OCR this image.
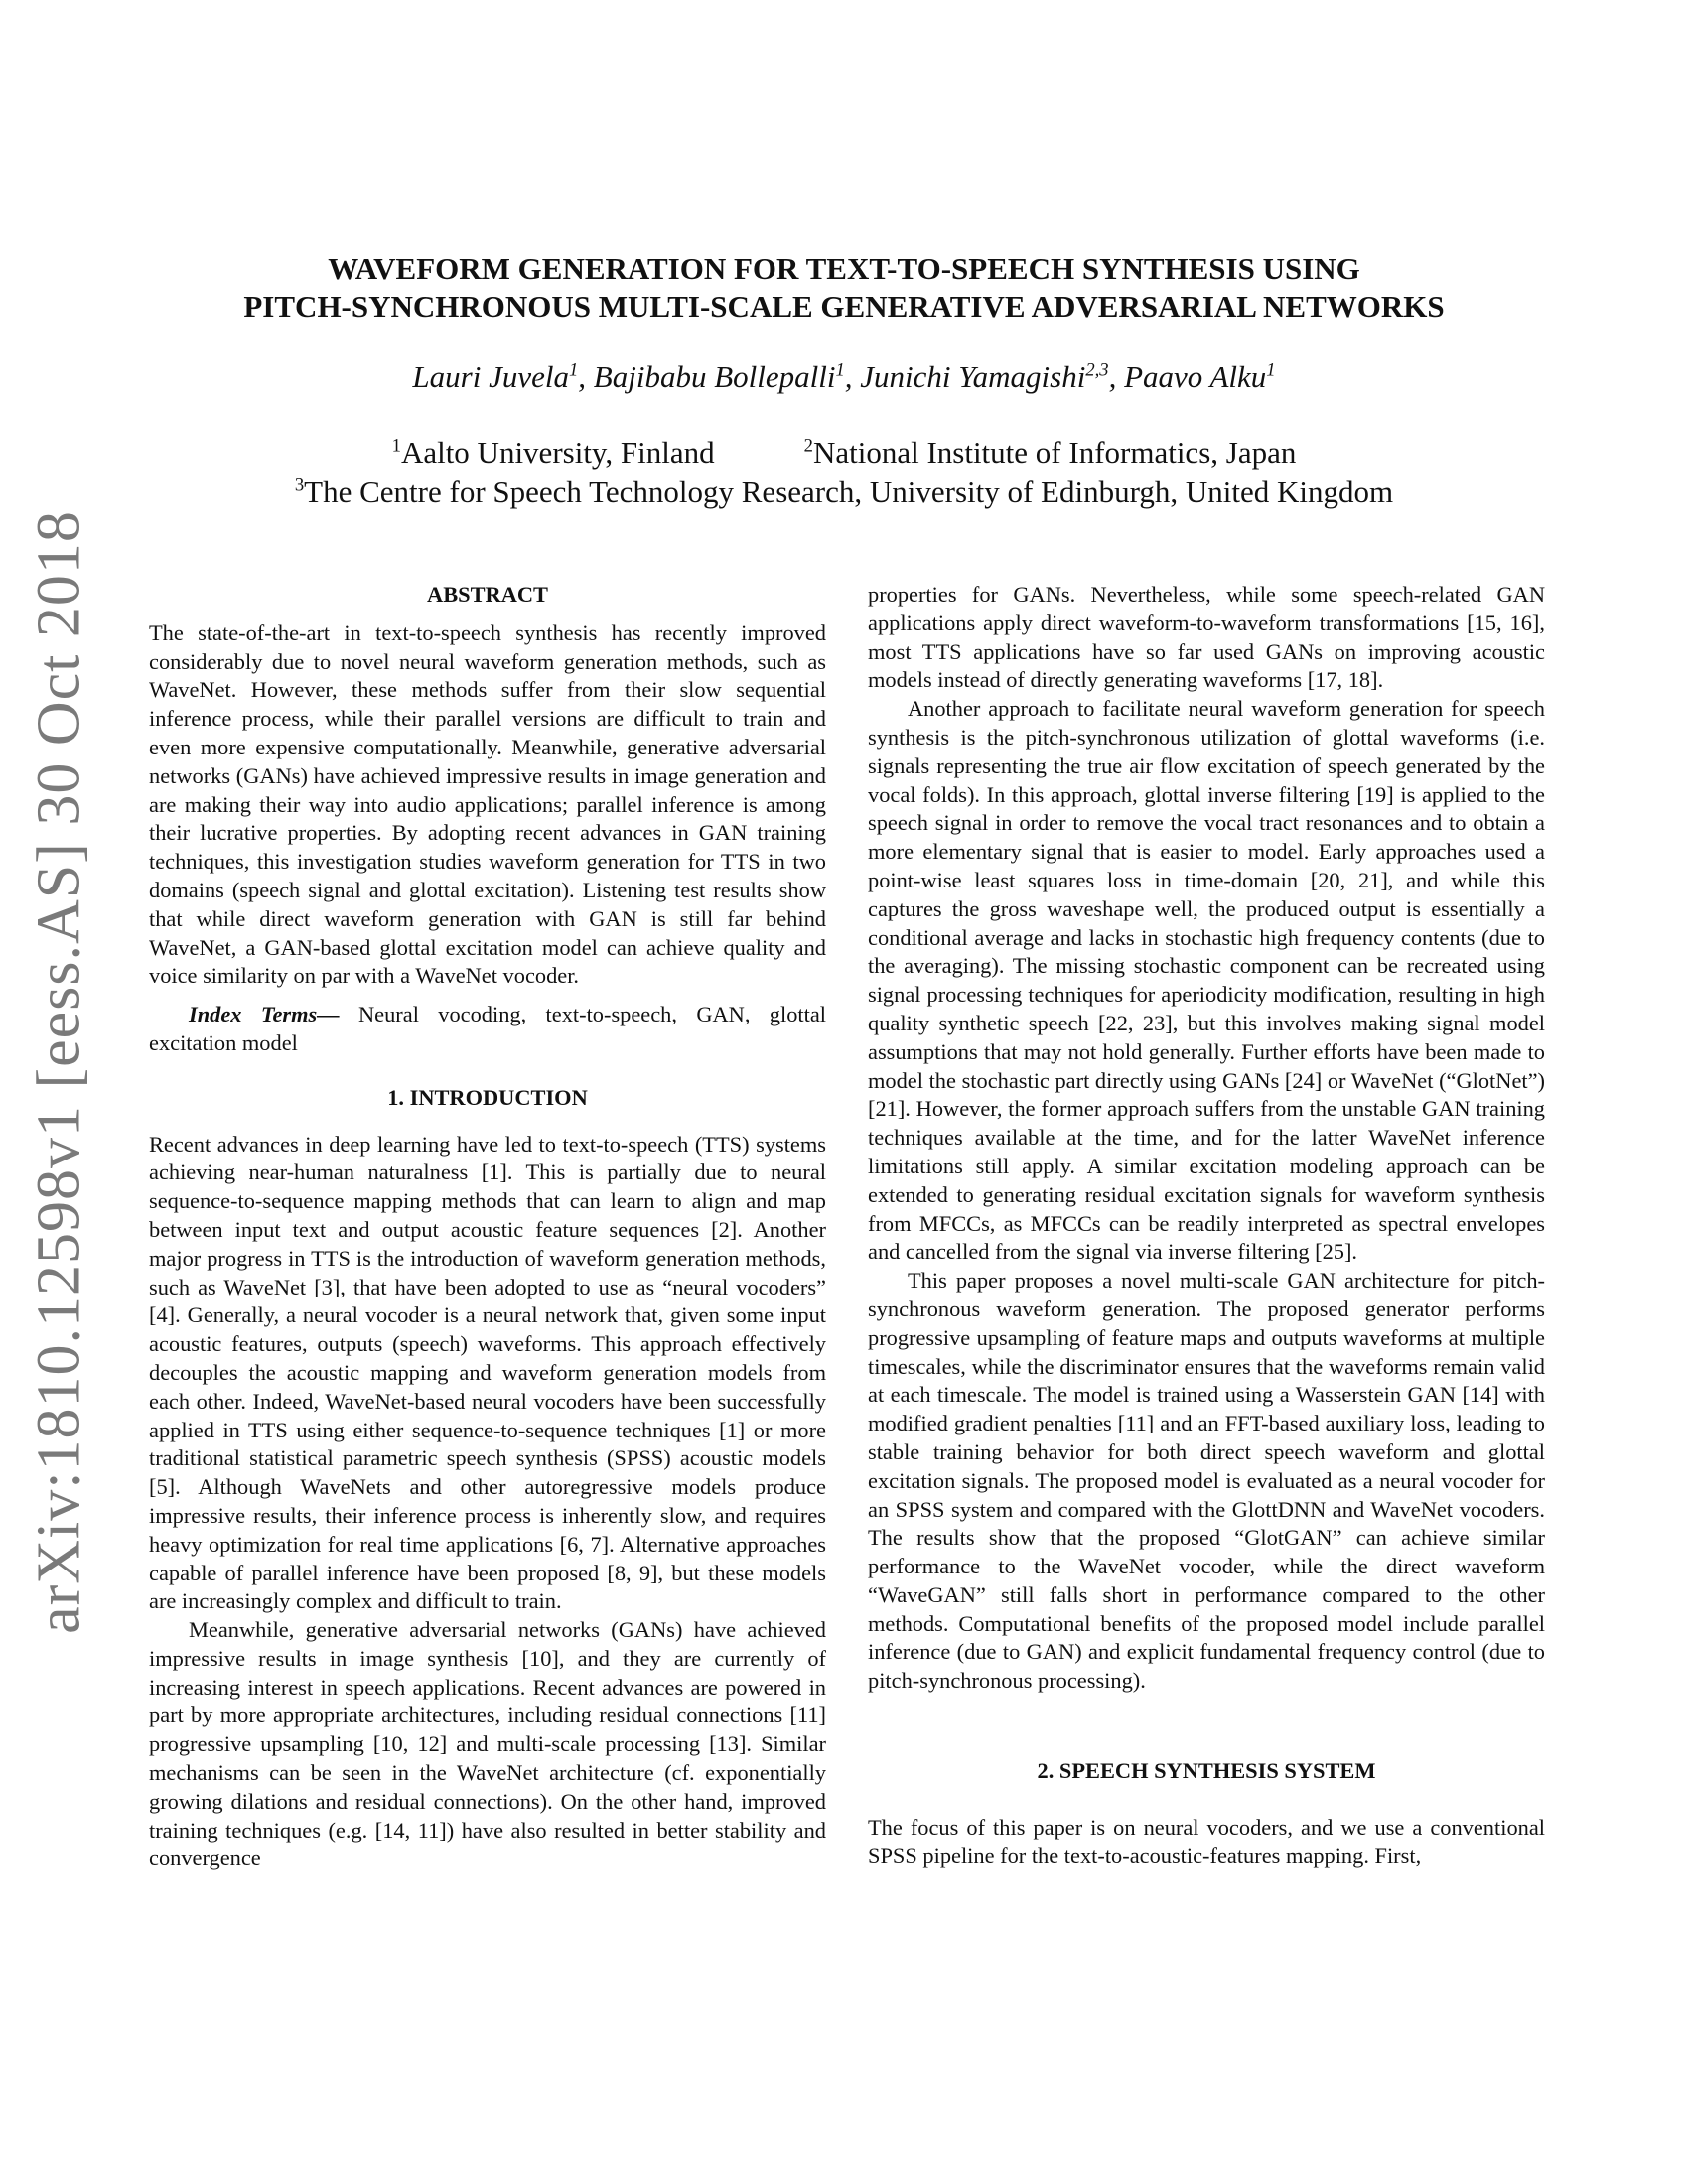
arXiv:1810.12598v1 [eess.AS] 30 Oct 2018
WAVEFORM GENERATION FOR TEXT-TO-SPEECH SYNTHESIS USING
PITCH-SYNCHRONOUS MULTI-SCALE GENERATIVE ADVERSARIAL NETWORKS

Lauri Juvela$^1$, Bajibabu Bollepalli$^1$, Junichi Yamagishi$^{2,3}$, Paavo Alku$^1$

$^1$Aalto University, Finland	$^2$National Institute of Informatics, Japan

$^3$The Centre for Speech Technology Research, University of Edinburgh, United Kingdom

ABSTRACT

The state-of-the-art in text-to-speech synthesis has recently improved considerably due to novel neural waveform generation methods, such as WaveNet. However, these methods suffer from their slow sequential inference process, while their parallel versions are difficult to train and even more expensive computationally. Meanwhile, generative adversarial networks (GANs) have achieved impressive results in image generation and are making their way into audio applications; parallel inference is among their lucrative properties. By adopting recent advances in GAN training techniques, this investigation studies waveform generation for TTS in two domains (speech signal and glottal excitation). Listening test results show that while direct waveform generation with GAN is still far behind WaveNet, a GAN-based glottal excitation model can achieve quality and voice similarity on par with a WaveNet vocoder.

Index Terms— Neural vocoding, text-to-speech, GAN, glottal excitation model

1. INTRODUCTION

Recent advances in deep learning have led to text-to-speech (TTS) systems achieving near-human naturalness [1]. This is partially due to neural sequence-to-sequence mapping methods that can learn to align and map between input text and output acoustic feature sequences [2]. Another major progress in TTS is the introduction of waveform generation methods, such as WaveNet [3], that have been adopted to use as “neural vocoders” [4]. Generally, a neural vocoder is a neural network that, given some input acoustic features, outputs (speech) waveforms. This approach effectively decouples the acoustic mapping and waveform generation models from each other. Indeed, WaveNet-based neural vocoders have been successfully applied in TTS using either sequence-to-sequence techniques [1] or more traditional statistical parametric speech synthesis (SPSS) acoustic models [5]. Although WaveNets and other autoregressive models produce impressive results, their inference process is inherently slow, and requires heavy optimization for real time applications [6, 7]. Alternative approaches capable of parallel inference have been proposed [8, 9], but these models are increasingly complex and difficult to train.

Meanwhile, generative adversarial networks (GANs) have achieved impressive results in image synthesis [10], and they are currently of increasing interest in speech applications. Recent advances are powered in part by more appropriate architectures, including residual connections [11] progressive upsampling [10, 12] and multi-scale processing [13]. Similar mechanisms can be seen in the WaveNet architecture (cf. exponentially growing dilations and residual connections). On the other hand, improved training techniques (e.g. [14, 11]) have also resulted in better stability and convergence

properties for GANs. Nevertheless, while some speech-related GAN applications apply direct waveform-to-waveform transformations [15, 16], most TTS applications have so far used GANs on improving acoustic models instead of directly generating waveforms [17, 18].

Another approach to facilitate neural waveform generation for speech synthesis is the pitch-synchronous utilization of glottal waveforms (i.e. signals representing the true air flow excitation of speech generated by the vocal folds). In this approach, glottal inverse filtering [19] is applied to the speech signal in order to remove the vocal tract resonances and to obtain a more elementary signal that is easier to model. Early approaches used a point-wise least squares loss in time-domain [20, 21], and while this captures the gross waveshape well, the produced output is essentially a conditional average and lacks in stochastic high frequency contents (due to the averaging). The missing stochastic component can be recreated using signal processing techniques for aperiodicity modification, resulting in high quality synthetic speech [22, 23], but this involves making signal model assumptions that may not hold generally. Further efforts have been made to model the stochastic part directly using GANs [24] or WaveNet (“GlotNet”) [21]. However, the former approach suffers from the unstable GAN training techniques available at the time, and for the latter WaveNet inference limitations still apply. A similar excitation modeling approach can be extended to generating residual excitation signals for waveform synthesis from MFCCs, as MFCCs can be readily interpreted as spectral envelopes and cancelled from the signal via inverse filtering [25].

This paper proposes a novel multi-scale GAN architecture for pitch-synchronous waveform generation. The proposed generator performs progressive upsampling of feature maps and outputs waveforms at multiple timescales, while the discriminator ensures that the waveforms remain valid at each timescale. The model is trained using a Wasserstein GAN [14] with modified gradient penalties [11] and an FFT-based auxiliary loss, leading to stable training behavior for both direct speech waveform and glottal excitation signals. The proposed model is evaluated as a neural vocoder for an SPSS system and compared with the GlottDNN and WaveNet vocoders. The results show that the proposed “GlotGAN” can achieve similar performance to the WaveNet vocoder, while the direct waveform “WaveGAN” still falls short in performance compared to the other methods. Computational benefits of the proposed model include parallel inference (due to GAN) and explicit fundamental frequency control (due to pitch-synchronous processing).

2. SPEECH SYNTHESIS SYSTEM

The focus of this paper is on neural vocoders, and we use a conventional SPSS pipeline for the text-to-acoustic-features mapping. First,
